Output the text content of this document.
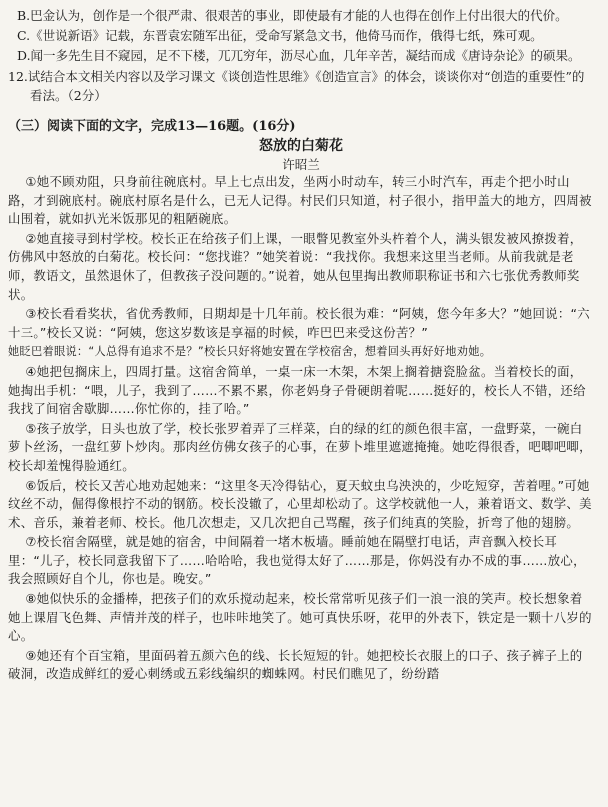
B.巴金认为，创作是一个很严肃、很艰苦的事业，即使最有才能的人也得在创作上付出很大的代价。

C.《世说新语》记载，东晋袁宏随军出征，受命写紧急文书，他倚马而作，俄得七纸，殊可观。

D.闻一多先生目不窥园，足不下楼，兀兀穷年，沥尽心血，几年辛苦，凝结而成《唐诗杂论》的硕果。

12.试结合本文相关内容以及学习课文《谈创造性思维》《创造宣言》的体会，谈谈你对“创造的重要性”的看法。（2分）

（三）阅读下面的文字，完成13—16题。(16分)

怒放的白菊花

许昭兰

①她不顾劝阻，只身前往碗底村。早上七点出发，坐两小时动车，转三小时汽车，再走个把小时山路，才到碗底村。碗底村原名是什么，已无人记得。村民们只知道，村子很小，指甲盖大的地方，四周被山围着，就如扒光米饭那见的粗陋碗底。

②她直接寻到村学校。校长正在给孩子们上课，一眼瞥见教室外头杵着个人，满头银发被风撩拨着，仿佛风中怒放的白菊花。校长问：“您找谁？”她笑着说：“我找你。我想来这里当老师。从前我就是老师，教语文，虽然退休了，但教孩子没问题的。”说着，她从包里掏出教师职称证书和六七张优秀教师奖状。

③校长看看奖状，省优秀教师，日期却是十几年前。校长很为难：“阿姨，您今年多大？”她回说：“六十三。”校长又说：“阿姨，您这岁数该是享福的时候，咋巴巴来受这份苦？”

她眨巴着眼说：“人总得有追求不是？”校长只好将她安置在学校宿舍，想着回头再好好地劝她。

④她把包搁床上，四周打量。这宿舍简单，一桌一床一木架，木架上搁着搪瓷脸盆。当着校长的面，她掏出手机：“喂，儿子，我到了……不累不累，你老妈身子骨硬朗着呢……挺好的，校长人不错，还给我找了间宿舍歇脚……你忙你的，挂了哈。”

⑤孩子放学，日头也放了学，校长张罗着弄了三样菜，白的绿的红的颜色很丰富，一盘野菜，一碗白萝卜丝汤，一盘红萝卜炒肉。那肉丝仿佛女孩子的心事，在萝卜堆里遮遮掩掩。她吃得很香，吧唧吧唧，校长却羞愧得脸通红。

⑥饭后，校长又苦心地劝起她来：“这里冬天冷得钻心，夏天蚊虫乌泱泱的，少吃短穿，苦着哩。”可她纹丝不动，倔得像根拧不动的钢筋。校长没辙了，心里却松动了。这学校就他一人，兼着语文、数学、美术、音乐，兼着老师、校长。他几次想走，又几次把自己骂醒，孩子们纯真的笑脸，折弯了他的翅膀。

⑦校长宿舍隔壁，就是她的宿舍，中间隔着一堵木板墙。睡前她在隔壁打电话，声音飘入校长耳里：“儿子，校长同意我留下了……哈哈哈，我也觉得太好了……那是，你妈没有办不成的事……放心，我会照顾好自个儿，你也是。晚安。”

⑧她似快乐的金播棒，把孩子们的欢乐搅动起来，校长常常听见孩子们一浪一浪的笑声。校长想象着她上课眉飞色舞、声情并茂的样子，也咔咔地笑了。她可真快乐呀，花甲的外表下，铁定是一颗十八岁的心。

⑨她还有个百宝箱，里面码着五颜六色的线、长长短短的针。她把校长衣服上的口子、孩子裤子上的破洞，改造成鲜红的爱心刺绣或五彩线编织的蜘蛛网。村民们瞧见了，纷纷踏
